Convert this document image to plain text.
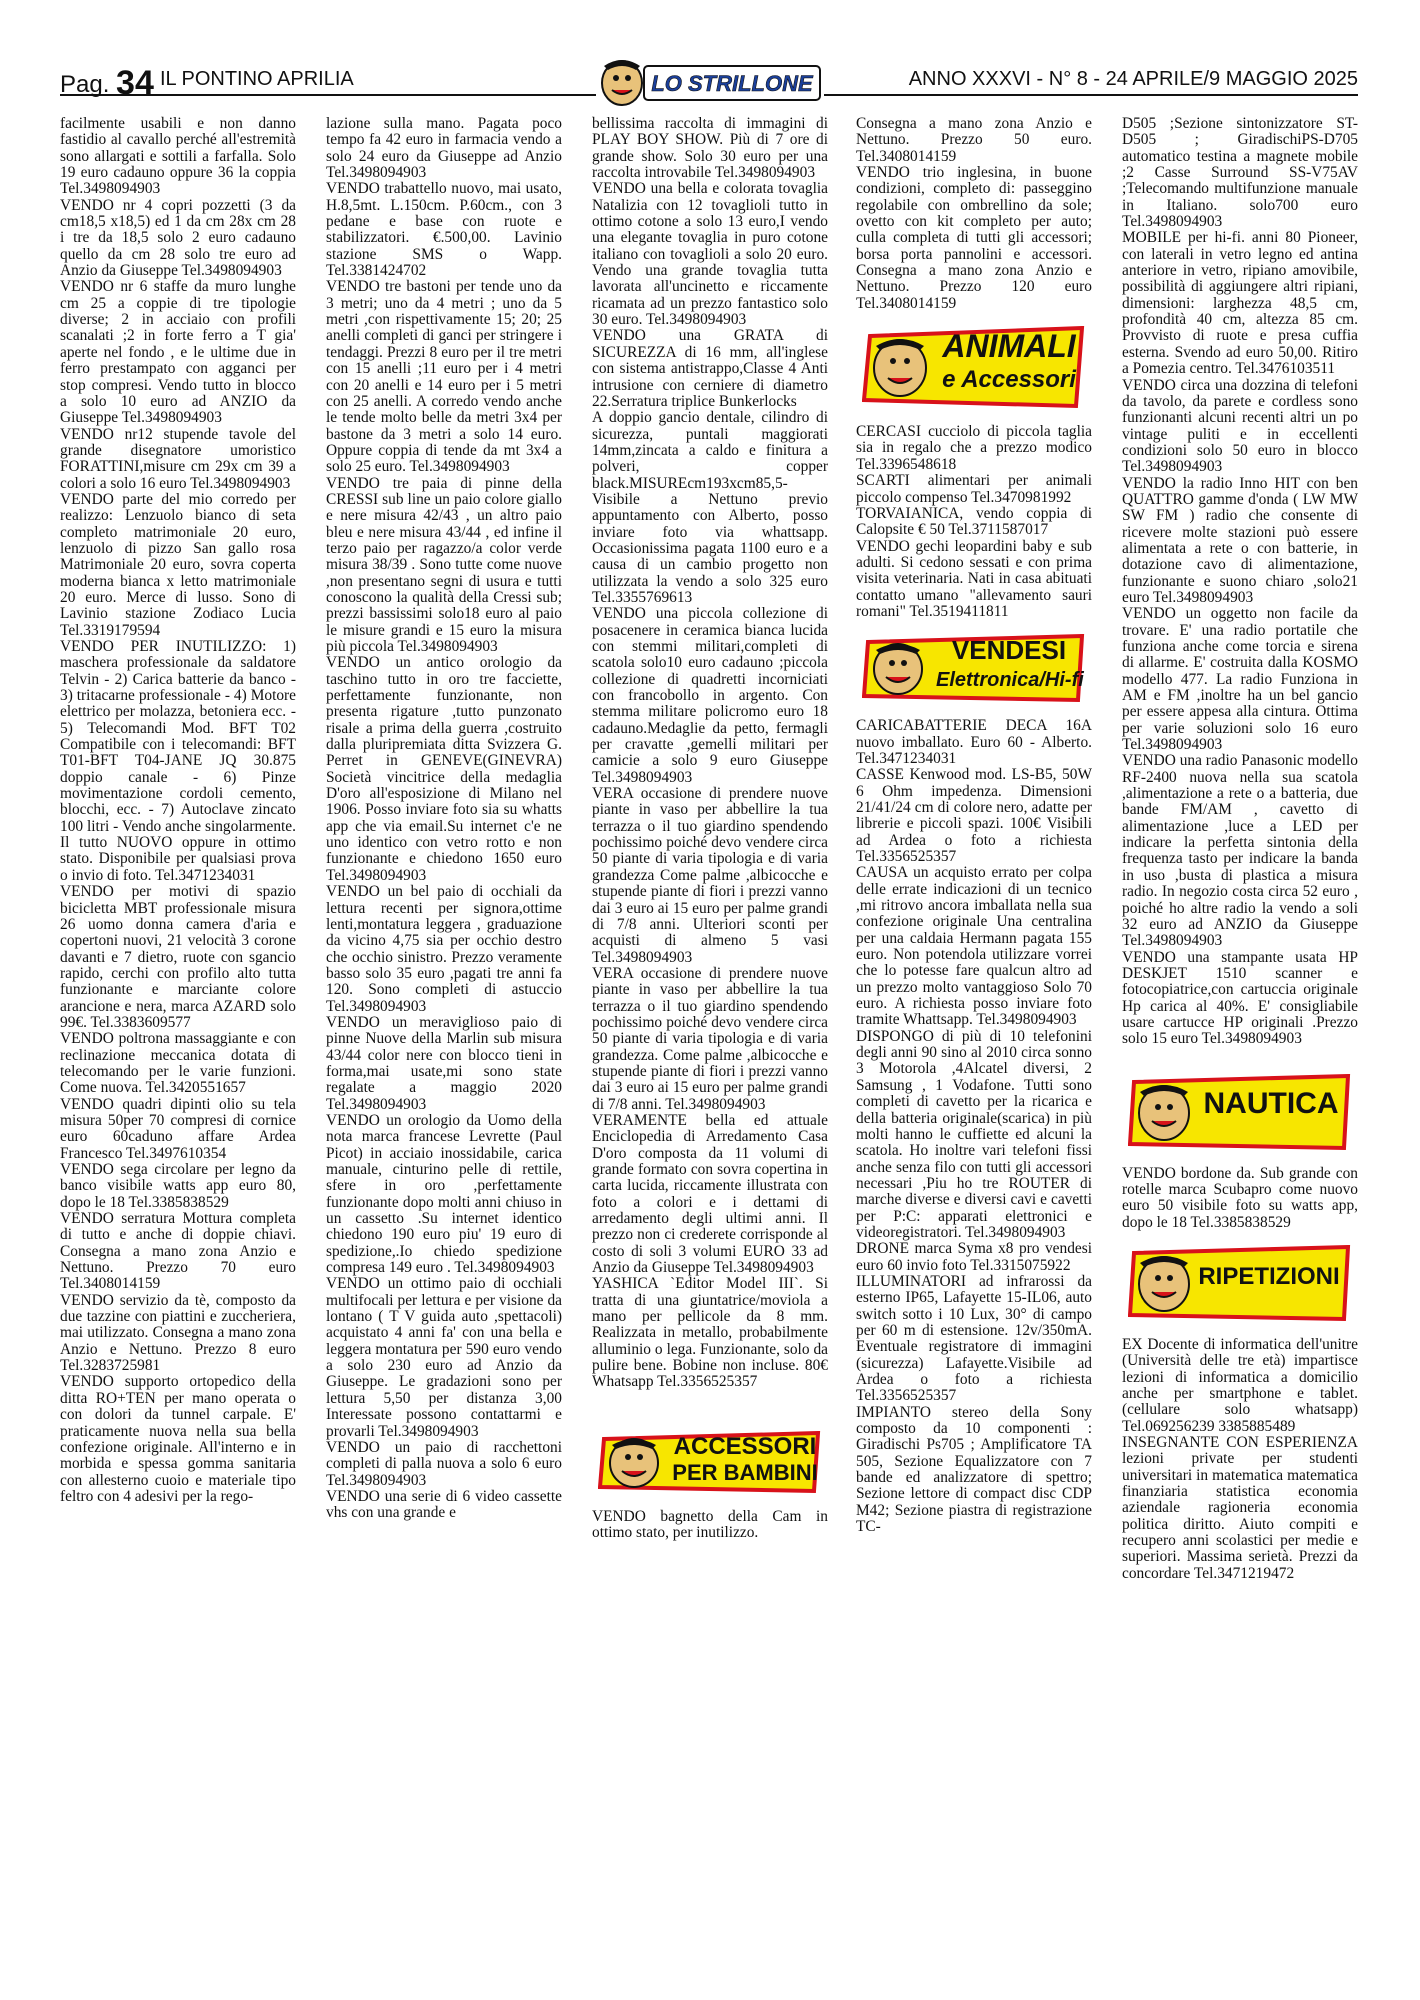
Pag. 34 IL PONTINO APRILIA	ANNO XXXVI - N° 8 - 24 APRILE/9 MAGGIO 2025
LO STRILLONE

facilmente usabili e non danno fastidio al cavallo perché all'estremità sono allargati e sottili a farfalla. Solo 19 euro cadauno oppure 36 la coppia Tel.3498094903

VENDO nr 4 copri pozzetti (3 da cm18,5 x18,5) ed 1 da cm 28x cm 28 i tre da 18,5 solo 2 euro cadauno quello da cm 28 solo tre euro ad Anzio da Giuseppe Tel.3498094903

VENDO nr 6 staffe da muro lunghe cm 25 a coppie di tre tipologie diverse; 2 in acciaio con profili scanalati ;2 in forte ferro a T gia' aperte nel fondo , e le ultime due in ferro prestampato con agganci per stop compresi. Vendo tutto in blocco a solo 10 euro ad ANZIO da Giuseppe Tel.3498094903

VENDO nr12 stupende tavole del grande disegnatore umoristico FORATTINI,misure cm 29x cm 39 a colori a solo 16 euro Tel.3498094903

VENDO parte del mio corredo per realizzo: Lenzuolo bianco di seta completo matrimoniale 20 euro, lenzuolo di pizzo San gallo rosa Matrimoniale 20 euro, sovra coperta moderna bianca x letto matrimoniale 20 euro. Merce di lusso. Sono di Lavinio stazione Zodiaco Lucia Tel.3319179594

VENDO PER INUTILIZZO: 1) maschera professionale da saldatore Telvin - 2) Carica batterie da banco - 3) tritacarne professionale - 4) Motore elettrico per molazza, betoniera ecc. - 5) Telecomandi Mod. BFT T02 Compatibile con i telecomandi: BFT T01-BFT T04-JANE JQ 30.875 doppio canale - 6) Pinze movimentazione cordoli cemento, blocchi, ecc. - 7) Autoclave zincato 100 litri - Vendo anche singolarmente. Il tutto NUOVO oppure in ottimo stato. Disponibile per qualsiasi prova o invio di foto. Tel.3471234031

VENDO per motivi di spazio bicicletta MBT professionale misura 26 uomo donna camera d'aria e copertoni nuovi, 21 velocità 3 corone davanti e 7 dietro, ruote con sgancio rapido, cerchi con profilo alto tutta funzionante e marciante colore arancione e nera, marca AZARD solo 99€. Tel.3383609577

VENDO poltrona massaggiante e con reclinazione meccanica dotata di telecomando per le varie funzioni. Come nuova. Tel.3420551657

VENDO quadri dipinti olio su tela misura 50per 70 compresi di cornice euro 60caduno affare Ardea Francesco Tel.3497610354

VENDO sega circolare per legno da banco visibile watts app euro 80, dopo le 18 Tel.3385838529

VENDO serratura Mottura completa di tutto e anche di doppie chiavi. Consegna a mano zona Anzio e Nettuno. Prezzo 70 euro Tel.3408014159

VENDO servizio da tè, composto da due tazzine con piattini e zuccheriera, mai utilizzato. Consegna a mano zona Anzio e Nettuno. Prezzo 8 euro Tel.3283725981

VENDO supporto ortopedico della ditta RO+TEN per mano operata o con dolori da tunnel carpale. E' praticamente nuova nella sua bella confezione originale. All'interno e in morbida e spessa gomma sanitaria con allesterno cuoio e materiale tipo feltro con 4 adesivi per la rego-

lazione sulla mano. Pagata poco tempo fa 42 euro in farmacia vendo a solo 24 euro da Giuseppe ad Anzio Tel.3498094903

VENDO trabattello nuovo, mai usato, H.8,5mt. L.150cm. P.60cm., con 3 pedane e base con ruote e stabilizzatori. €.500,00. Lavinio stazione SMS o Wapp. Tel.3381424702

VENDO tre bastoni per tende uno da 3 metri; uno da 4 metri ; uno da 5 metri ,con rispettivamente 15; 20; 25 anelli completi di ganci per stringere i tendaggi. Prezzi 8 euro per il tre metri con 15 anelli ;11 euro per i 4 metri con 20 anelli e 14 euro per i 5 metri con 25 anelli. A corredo vendo anche le tende molto belle da metri 3x4 per bastone da 3 metri a solo 14 euro. Oppure coppia di tende da mt 3x4 a solo 25 euro. Tel.3498094903

VENDO tre paia di pinne della CRESSI sub line un paio colore giallo e nere misura 42/43 , un altro paio bleu e nere misura 43/44 , ed infine il terzo paio per ragazzo/a color verde misura 38/39 . Sono tutte come nuove ,non presentano segni di usura e tutti conoscono la qualità della Cressi sub; prezzi bassissimi solo18 euro al paio le misure grandi e 15 euro la misura più piccola Tel.3498094903

VENDO un antico orologio da taschino tutto in oro tre facciette, perfettamente funzionante, non presenta rigature ,tutto punzonato risale a prima della guerra ,costruito dalla pluripremiata ditta Svizzera G. Perret in GENEVE(GINEVRA) Società vincitrice della medaglia D'oro all'esposizione di Milano nel 1906. Posso inviare foto sia su whatts app che via email.Su internet c'e ne uno identico con vetro rotto e non funzionante e chiedono 1650 euro Tel.3498094903

VENDO un bel paio di occhiali da lettura recenti per signora,ottime lenti,montatura leggera , graduazione da vicino 4,75 sia per occhio destro che occhio sinistro. Prezzo veramente basso solo 35 euro ,pagati tre anni fa 120. Sono completi di astuccio Tel.3498094903

VENDO un meraviglioso paio di pinne Nuove della Marlin sub misura 43/44 color nere con blocco tieni in forma,mai usate,mi sono state regalate a maggio 2020 Tel.3498094903

VENDO un orologio da Uomo della nota marca francese Levrette (Paul Picot) in acciaio inossidabile, carica manuale, cinturino pelle di rettile, sfere in oro ,perfettamente funzionante dopo molti anni chiuso in un cassetto .Su internet identico chiedono 190 euro piu' 19 euro di spedizione,.Io chiedo spedizione compresa 149 euro . Tel.3498094903

VENDO un ottimo paio di occhiali multifocali per lettura e per visione da lontano ( T V guida auto ,spettacoli) acquistato 4 anni fa' con una bella e leggera montatura per 590 euro vendo a solo 230 euro ad Anzio da Giuseppe. Le gradazioni sono per lettura 5,50 per distanza 3,00 Interessate possono contattarmi e provarli Tel.3498094903

VENDO un paio di racchettoni completi di palla nuova a solo 6 euro Tel.3498094903

VENDO una serie di 6 video cassette vhs con una grande e

bellissima raccolta di immagini di PLAY BOY SHOW. Più di 7 ore di grande show. Solo 30 euro per una raccolta introvabile Tel.3498094903

VENDO una bella e colorata tovaglia Natalizia con 12 tovaglioli tutto in ottimo cotone a solo 13 euro,I vendo una elegante tovaglia in puro cotone italiano con tovaglioli a solo 20 euro. Vendo una grande tovaglia tutta lavorata all'uncinetto e riccamente ricamata ad un prezzo fantastico solo 30 euro. Tel.3498094903

VENDO una GRATA di SICUREZZA di 16 mm, all'inglese con sistema antistrappo,Classe 4 Anti intrusione con cerniere di diametro 22.Serratura triplice Bunkerlocks

A doppio gancio dentale, cilindro di sicurezza, puntali maggiorati 14mm,zincata a caldo e finitura a polveri, copper black.MISUREcm193xcm85,5-Visibile a Nettuno previo appuntamento con Alberto, posso inviare foto via whattsapp. Occasionissima pagata 1100 euro e a causa di un cambio progetto non utilizzata la vendo a solo 325 euro Tel.3355769613

VENDO una piccola collezione di posacenere in ceramica bianca lucida con stemmi militari,completi di scatola solo10 euro cadauno ;piccola collezione di quadretti incorniciati con francobollo in argento. Con stemma militare policromo euro 18 cadauno.Medaglie da petto, fermagli per cravatte ,gemelli militari per camicie a solo 9 euro Giuseppe Tel.3498094903

VERA occasione di prendere nuove piante in vaso per abbellire la tua terrazza o il tuo giardino spendendo pochissimo poiché devo vendere circa 50 piante di varia tipologia e di varia grandezza Come palme ,albicocche e stupende piante di fiori i prezzi vanno dai 3 euro ai 15 euro per palme grandi di 7/8 anni. Ulteriori sconti per acquisti di almeno 5 vasi Tel.3498094903

VERA occasione di prendere nuove piante in vaso per abbellire la tua terrazza o il tuo giardino spendendo pochissimo poiché devo vendere circa 50 piante di varia tipologia e di varia grandezza. Come palme ,albicocche e stupende piante di fiori i prezzi vanno dai 3 euro ai 15 euro per palme grandi di 7/8 anni. Tel.3498094903

VERAMENTE bella ed attuale Enciclopedia di Arredamento Casa D'oro composta da 11 volumi di grande formato con sovra copertina in carta lucida, riccamente illustrata con foto a colori e i dettami di arredamento degli ultimi anni. Il prezzo non ci crederete corrisponde al costo di soli 3 volumi EURO 33 ad Anzio da Giuseppe Tel.3498094903

YASHICA `Editor Model III`. Si tratta di una giuntatrice/moviola a mano per pellicole da 8 mm. Realizzata in metallo, probabilmente alluminio o lega. Funzionante, solo da pulire bene. Bobine non incluse. 80€ Whatsapp Tel.3356525357

ACCESSORI
PER BAMBINI

VENDO bagnetto della Cam in ottimo stato, per inutilizzo.

Consegna a mano zona Anzio e Nettuno. Prezzo 50 euro. Tel.3408014159

VENDO trio inglesina, in buone condizioni, completo di: passeggino regolabile con ombrellino da sole; ovetto con kit completo per auto; culla completa di tutti gli accessori; borsa porta pannolini e accessori. Consegna a mano zona Anzio e Nettuno. Prezzo 120 euro Tel.3408014159

ANIMALI
e Accessori

CERCASI cucciolo di piccola taglia sia in regalo che a prezzo modico Tel.3396548618

SCARTI alimentari per animali piccolo compenso Tel.3470981992

TORVAIANICA, vendo coppia di Calopsite € 50 Tel.3711587017

VENDO gechi leopardini baby e sub adulti. Si cedono sessati e con prima visita veterinaria. Nati in casa abituati contatto umano "allevamento sauri romani" Tel.3519411811

VENDESI
Elettronica/Hi-fi

CARICABATTERIE DECA 16A nuovo imballato. Euro 60 - Alberto. Tel.3471234031

CASSE Kenwood mod. LS-B5, 50W 6 Ohm impedenza. Dimensioni 21/41/24 cm di colore nero, adatte per librerie e piccoli spazi. 100€ Visibili ad Ardea o foto a richiesta Tel.3356525357

CAUSA un acquisto errato per colpa delle errate indicazioni di un tecnico ,mi ritrovo ancora imballata nella sua confezione originale Una centralina per una caldaia Hermann pagata 155 euro. Non potendola utilizzare vorrei che lo potesse fare qualcun altro ad un prezzo molto vantaggioso Solo 70 euro. A richiesta posso inviare foto tramite Whattsapp. Tel.3498094903

DISPONGO di più di 10 telefonini degli anni 90 sino al 2010 circa sonno 3 Motorola ,4Alcatel diversi, 2 Samsung , 1 Vodafone. Tutti sono completi di cavetto per la ricarica e della batteria originale(scarica) in più molti hanno le cuffiette ed alcuni la scatola. Ho inoltre vari telefoni fissi anche senza filo con tutti gli accessori necessari ,Piu ho tre ROUTER di marche diverse e diversi cavi e cavetti per P:C: apparati elettronici e videoregistratori. Tel.3498094903

DRONE marca Syma x8 pro vendesi euro 60 invio foto Tel.3315075922

ILLUMINATORI ad infrarossi da esterno IP65, Lafayette 15-IL06, auto switch sotto i 10 Lux, 30° di campo per 60 m di estensione. 12v/350mA. Eventuale registratore di immagini (sicurezza) Lafayette.Visibile ad Ardea o foto a richiesta Tel.3356525357

IMPIANTO stereo della Sony composto da 10 componenti : Giradischi Ps705 ; Amplificatore TA 505, Sezione Equalizzatore con 7 bande ed analizzatore di spettro; Sezione lettore di compact disc CDP M42; Sezione piastra di registrazione TC-

D505 ;Sezione sintonizzatore ST-D505 ; GiradischiPS-D705 automatico testina a magnete mobile ;2 Casse Surround SS-V75AV ;Telecomando multifunzione manuale in Italiano. solo700 euro Tel.3498094903

MOBILE per hi-fi. anni 80 Pioneer, con laterali in vetro legno ed antina anteriore in vetro, ripiano amovibile, possibilità di aggiungere altri ripiani, dimensioni: larghezza 48,5 cm, profondità 40 cm, altezza 85 cm. Provvisto di ruote e presa cuffia esterna. Svendo ad euro 50,00. Ritiro a Pomezia centro. Tel.3476103511

VENDO circa una dozzina di telefoni da tavolo, da parete e cordless sono funzionanti alcuni recenti altri un po vintage puliti e in eccellenti condizioni solo 50 euro in blocco Tel.3498094903

VENDO la radio Inno HIT con ben QUATTRO gamme d'onda ( LW MW SW FM ) radio che consente di ricevere molte stazioni può essere alimentata a rete o con batterie, in dotazione cavo di alimentazione, funzionante e suono chiaro ,solo21 euro Tel.3498094903

VENDO un oggetto non facile da trovare. E' una radio portatile che funziona anche come torcia e sirena di allarme. E' costruita dalla KOSMO modello 477. La radio Funziona in AM e FM ,inoltre ha un bel gancio per essere appesa alla cintura. Ottima per varie soluzioni solo 16 euro Tel.3498094903

VENDO una radio Panasonic modello RF-2400 nuova nella sua scatola ,alimentazione a rete o a batteria, due bande FM/AM , cavetto di alimentazione ,luce a LED per indicare la perfetta sintonia della frequenza tasto per indicare la banda in uso ,busta di plastica a misura radio. In negozio costa circa 52 euro , poiché ho altre radio la vendo a soli 32 euro ad ANZIO da Giuseppe Tel.3498094903

VENDO una stampante usata HP DESKJET 1510 scanner e fotocopiatrice,con cartuccia originale Hp carica al 40%. E' consigliabile usare cartucce HP originali .Prezzo solo 15 euro Tel.3498094903

NAUTICA

VENDO bordone da. Sub grande con rotelle marca Scubapro come nuovo euro 50 visibile foto su watts app, dopo le 18 Tel.3385838529

RIPETIZIONI

EX Docente di informatica dell'unitre (Università delle tre età) impartisce lezioni di informatica a domicilio anche per smartphone e tablet. (cellulare solo whatsapp) Tel.069256239 3385885489

INSEGNANTE CON ESPERIENZA lezioni private per studenti universitari in matematica matematica finanziaria statistica economia aziendale ragioneria economia politica diritto. Aiuto compiti e recupero anni scolastici per medie e superiori. Massima serietà. Prezzi da concordare Tel.3471219472
